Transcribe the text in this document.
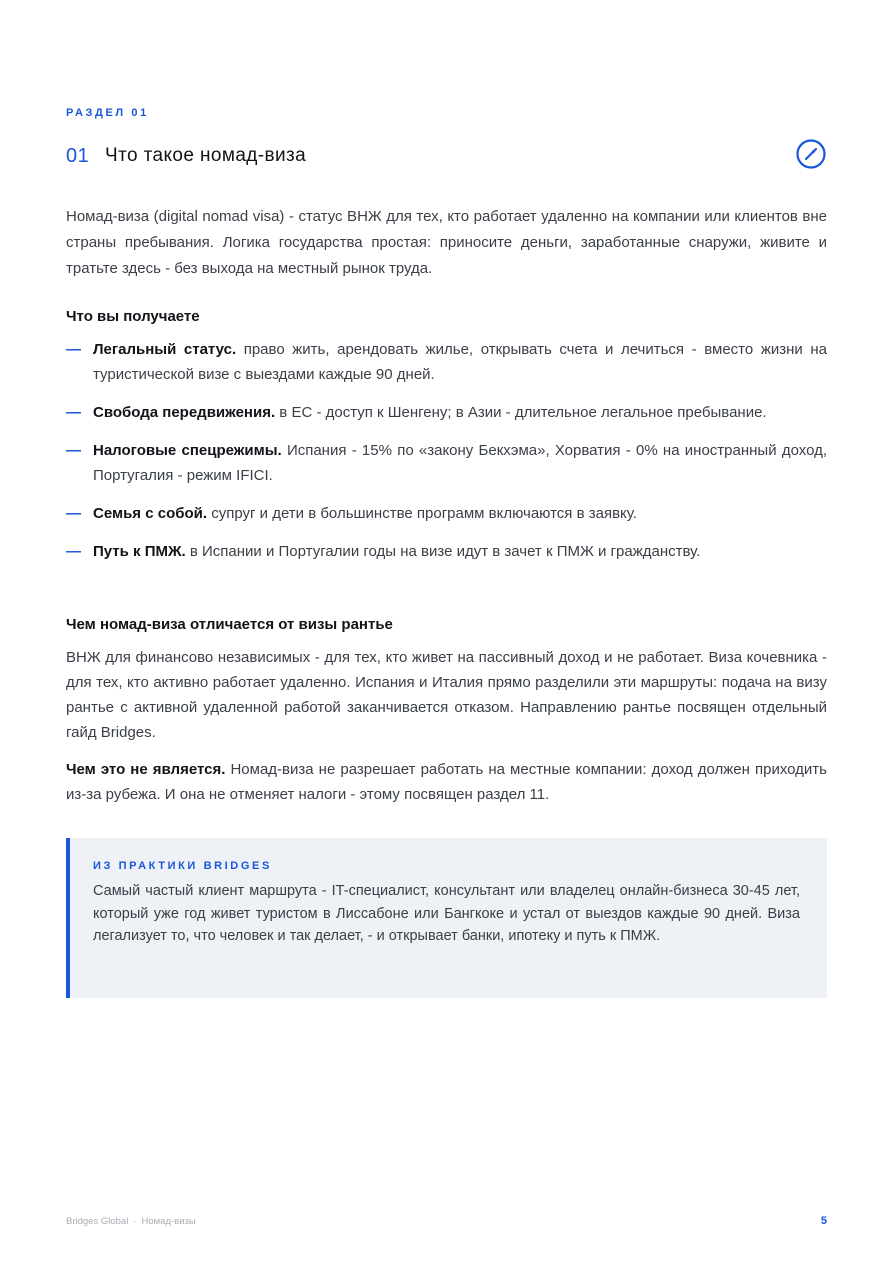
РАЗДЕЛ 01
01 Что такое номад-виза

Номад-виза (digital nomad visa) - статус ВНЖ для тех, кто работает удаленно на компании или клиентов вне страны пребывания. Логика государства простая: приносите деньги, заработанные снаружи, живите и тратьте здесь - без выхода на местный рынок труда.

Что вы получаете
— Легальный статус. право жить, арендовать жилье, открывать счета и лечиться - вместо жизни на туристической визе с выездами каждые 90 дней.
— Свобода передвижения. в ЕС - доступ к Шенгену; в Азии - длительное легальное пребывание.
— Налоговые спецрежимы. Испания - 15% по «закону Бекхэма», Хорватия - 0% на иностранный доход, Португалия - режим IFICI.
— Семья с собой. супруг и дети в большинстве программ включаются в заявку.
— Путь к ПМЖ. в Испании и Португалии годы на визе идут в зачет к ПМЖ и гражданству.
Чем номад-виза отличается от визы рантье

ВНЖ для финансово независимых - для тех, кто живет на пассивный доход и не работает. Виза кочевника - для тех, кто активно работает удаленно. Испания и Италия прямо разделили эти маршруты: подача на визу рантье с активной удаленной работой заканчивается отказом. Направлению рантье посвящен отдельный гайд Bridges.

Чем это не является. Номад-виза не разрешает работать на местные компании: доход должен приходить из-за рубежа. И она не отменяет налоги - этому посвящен раздел 11.

ИЗ ПРАКТИКИ BRIDGES

Самый частый клиент маршрута - IT-специалист, консультант или владелец онлайн-бизнеса 30-45 лет, который уже год живет туристом в Лиссабоне или Бангкоке и устал от выездов каждые 90 дней. Виза легализует то, что человек и так делает, - и открывает банки, ипотеку и путь к ПМЖ.

Bridges Global · Номад-визы	5
